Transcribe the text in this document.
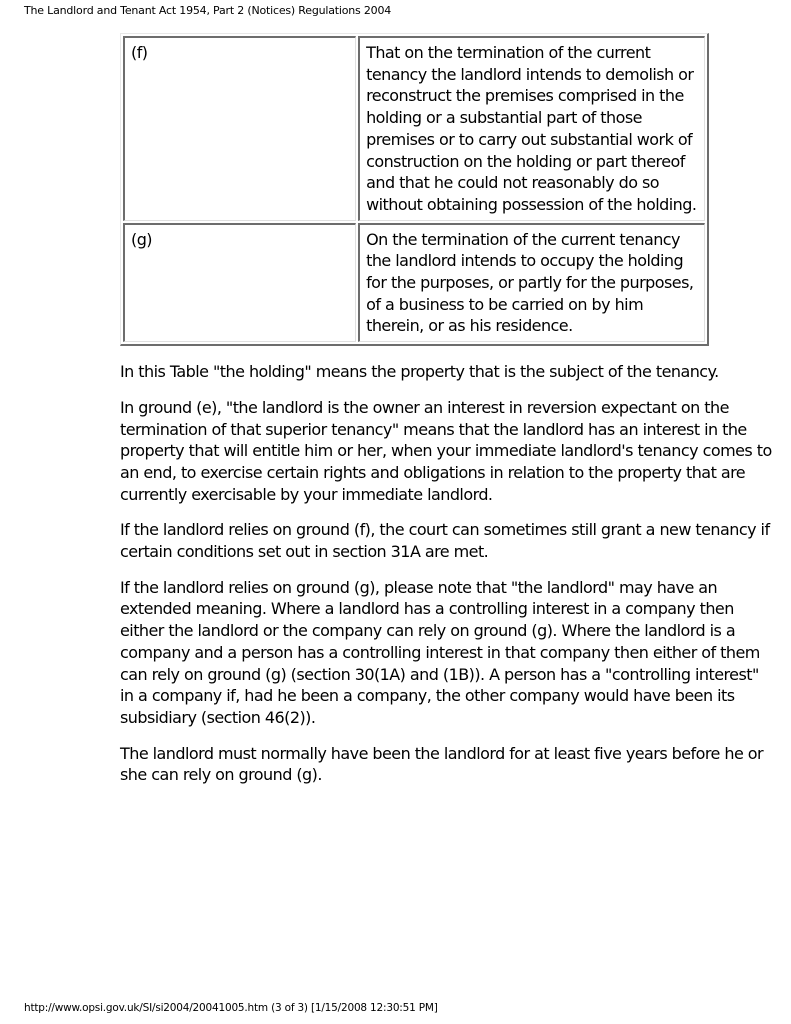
The Landlord and Tenant Act 1954, Part 2 (Notices) Regulations 2004
(f)	That on the termination of the current tenancy the landlord intends to demolish or reconstruct the premises comprised in the holding or a substantial part of those premises or to carry out substantial work of construction on the holding or part thereof and that he could not reasonably do so without obtaining possession of the holding.
(g)	On the termination of the current tenancy the landlord intends to occupy the holding for the purposes, or partly for the purposes, of a business to be carried on by him therein, or as his residence.

In this Table "the holding" means the property that is the subject of the tenancy.

In ground (e), "the landlord is the owner an interest in reversion expectant on the termination of that superior tenancy" means that the landlord has an interest in the property that will entitle him or her, when your immediate landlord's tenancy comes to an end, to exercise certain rights and obligations in relation to the property that are currently exercisable by your immediate landlord.

If the landlord relies on ground (f), the court can sometimes still grant a new tenancy if certain conditions set out in section 31A are met.

If the landlord relies on ground (g), please note that "the landlord" may have an extended meaning. Where a landlord has a controlling interest in a company then either the landlord or the company can rely on ground (g). Where the landlord is a company and a person has a controlling interest in that company then either of them can rely on ground (g) (section 30(1A) and (1B)). A person has a "controlling interest" in a company if, had he been a company, the other company would have been its subsidiary (section 46(2)).

The landlord must normally have been the landlord for at least five years before he or she can rely on ground (g).

http://www.opsi.gov.uk/SI/si2004/20041005.htm (3 of 3) [1/15/2008 12:30:51 PM]
